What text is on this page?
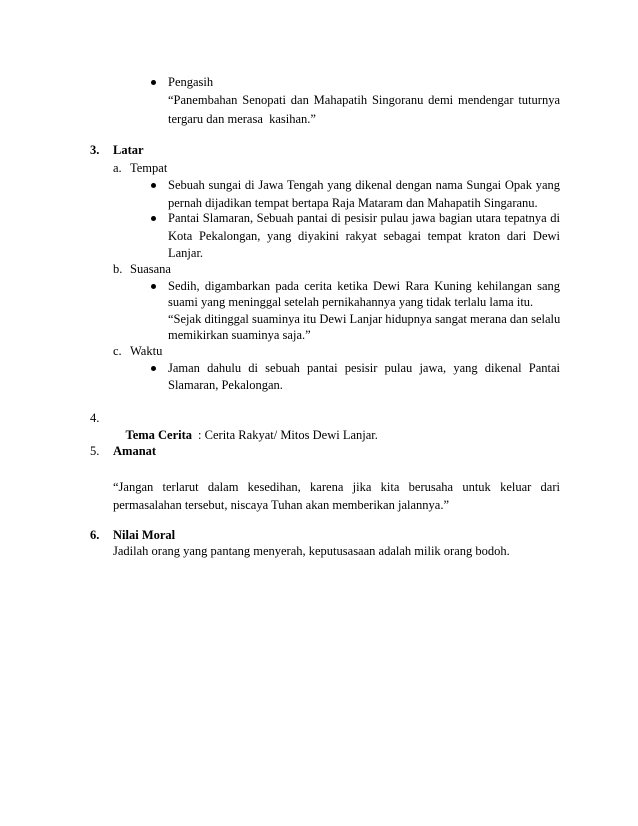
Pengasih
“Panembahan Senopati dan Mahapatih Singoranu demi mendengar tuturnya
tergaru dan merasa  kasihan.”
3. Latar
a. Tempat
Sebuah sungai di Jawa Tengah yang dikenal dengan nama Sungai Opak yang
pernah dijadikan tempat bertapa Raja Mataram dan Mahapatih Singaranu.
Pantai Slamaran, Sebuah pantai di pesisir pulau jawa bagian utara tepatnya di
Kota Pekalongan, yang diyakini rakyat sebagai tempat kraton dari Dewi
Lanjar.
b. Suasana
Sedih, digambarkan pada cerita ketika Dewi Rara Kuning kehilangan sang
suami yang meninggal setelah pernikahannya yang tidak terlalu lama itu.
“Sejak ditinggal suaminya itu Dewi Lanjar hidupnya sangat merana dan selalu
memikirkan suaminya saja.”
c. Waktu
Jaman dahulu di sebuah pantai pesisir pulau jawa, yang dikenal Pantai
Slamaran, Pekalongan.
4.

Tema Cerita : Cerita Rakyat/ Mitos Dewi Lanjar.

5. Amanat
“Jangan terlarut dalam kesedihan, karena jika kita berusaha untuk keluar dari
permasalahan tersebut, niscaya Tuhan akan memberikan jalannya.”
6. Nilai Moral
Jadilah orang yang pantang menyerah, keputusasaan adalah milik orang bodoh.
